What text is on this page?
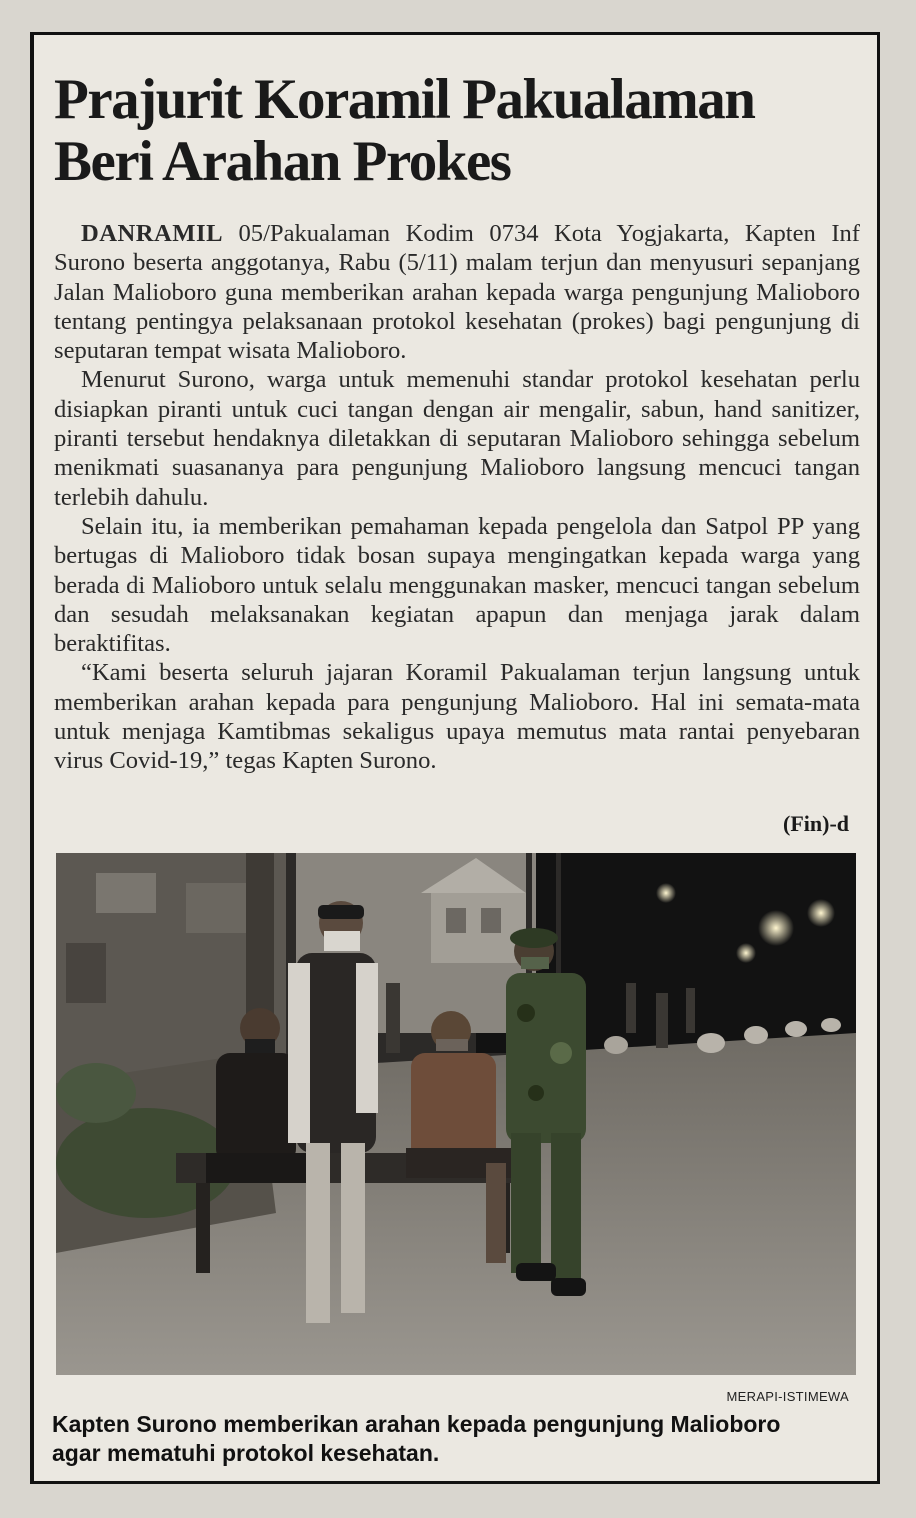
Prajurit Koramil Pakualaman
Beri Arahan Prokes

DANRAMIL 05/Pakualaman Kodim 0734 Kota Yogjakarta, Kapten Inf Surono beserta anggotanya, Rabu (5/11) malam terjun dan menyusuri sepanjang Jalan Malioboro guna memberikan arahan kepada warga pengunjung Malioboro tentang pentingya pelaksanaan protokol kesehatan (prokes) bagi pengunjung di seputaran tempat wisata Malioboro.

Menurut Surono, warga untuk memenuhi standar protokol kesehatan perlu disiapkan piranti untuk cuci tangan dengan air mengalir, sabun, hand sanitizer, piranti tersebut hendaknya diletakkan di seputaran Malioboro sehingga sebelum menikmati suasananya para pengunjung Malioboro langsung mencuci tangan terlebih dahulu.

Selain itu, ia memberikan pemahaman kepada pengelola dan Satpol PP yang bertugas di Malioboro tidak bosan supaya mengingatkan kepada warga yang berada di Malioboro untuk selalu menggunakan masker, mencuci tangan sebelum dan sesudah melaksanakan kegiatan apapun dan menjaga jarak dalam beraktifitas.

“Kami beserta seluruh jajaran Koramil Pakualaman terjun langsung untuk memberikan arahan kepada para pengunjung Malioboro. Hal ini semata-mata untuk menjaga Kamtibmas sekaligus upaya memutus mata rantai penyebaran virus Covid-19,” tegas Kapten Surono.

(Fin)-d
MERAPI-ISTIMEWA
Kapten Surono memberikan arahan kepada pengunjung Malioboro
agar mematuhi protokol kesehatan.
